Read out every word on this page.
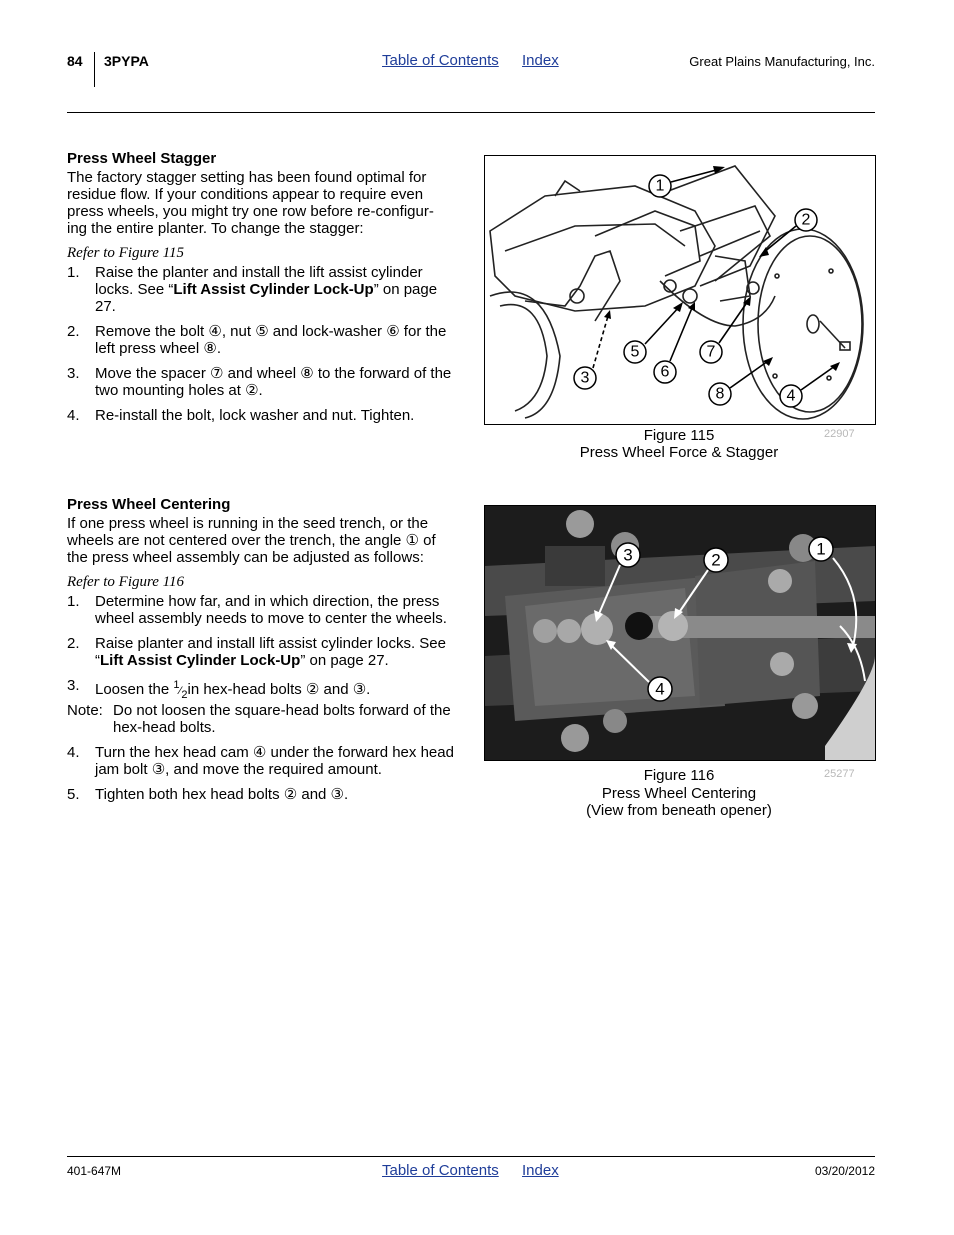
84 3PYPA	Table of Contents Index	Great Plains Manufacturing, Inc.
Press Wheel Stagger
The factory stagger setting has been found optimal for
residue flow. If your conditions appear to require even
press wheels, you might try one row before re-configur-
ing the entire planter. To change the stagger:
Refer to Figure 115
1. Raise the planter and install the lift assist cylinder locks. See “Lift Assist Cylinder Lock-Up” on page 27.
2. Remove the bolt ④, nut ⑤ and lock-washer ⑥ for the left press wheel ⑧.
3. Move the spacer ⑦ and wheel ⑧ to the forward of the two mounting holes at ②.
4. Re-install the bolt, lock washer and nut. Tighten.
1
2
5	7
3	6
8	4
Figure 115
Press Wheel Force & Stagger
22907
Press Wheel Centering
If one press wheel is running in the seed trench, or the
wheels are not centered over the trench, the angle ① of
the press wheel assembly can be adjusted as follows:
Refer to Figure 116
1. Determine how far, and in which direction, the press wheel assembly needs to move to center the wheels.
2. Raise planter and install lift assist cylinder locks. See “Lift Assist Cylinder Lock-Up” on page 27.
3. Loosen the $^1⁄_2in$ hex-head bolts ② and ③.
Note: Do not loosen the square-head bolts forward of the hex-head bolts.
4. Turn the hex head cam ④ under the forward hex head jam bolt ③, and move the required amount.
5. Tighten both hex head bolts ② and ③.
3	2
1
4
Figure 116
Press Wheel Centering
(View from beneath opener)
25277
401-647M	Table of Contents Index	03/20/2012
